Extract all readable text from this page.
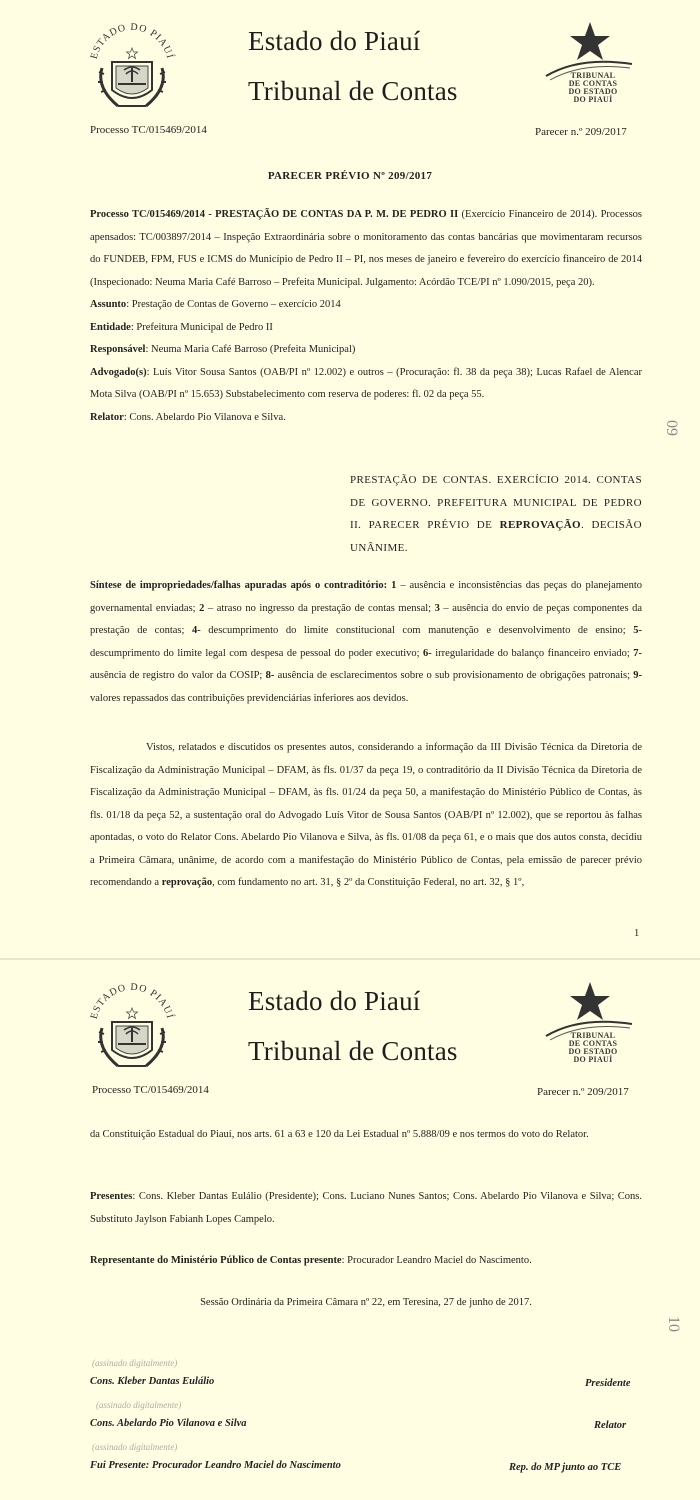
ESTADO DO PIAUÍ
Estado do Piauí
Tribunal de Contas
TRIBUNAL
DE CONTAS
DO ESTADO
DO PIAUÍ
Processo TC/015469/2014	Parecer n.º 209/2017
PARECER PRÉVIO Nº 209/2017
Processo TC/015469/2014 - PRESTAÇÃO DE CONTAS DA P. M. DE PEDRO II (Exercício Financeiro de 2014). Processos apensados: TC/003897/2014 – Inspeção Extraordinária sobre o monitoramento das contas bancárias que movimentaram recursos do FUNDEB, FPM, FUS e ICMS do Município de Pedro II – PI, nos meses de janeiro e fevereiro do exercício financeiro de 2014 (Inspecionado: Neuma Maria Café Barroso – Prefeita Municipal. Julgamento: Acórdão TCE/PI nº 1.090/2015, peça 20).
Assunto: Prestação de Contas de Governo – exercício 2014
Entidade: Prefeitura Municipal de Pedro II
Responsável: Neuma Maria Café Barroso (Prefeita Municipal)
Advogado(s): Luís Vitor Sousa Santos (OAB/PI nº 12.002) e outros – (Procuração: fl. 38 da peça 38); Lucas Rafael de Alencar Mota Silva (OAB/PI nº 15.653) Substabelecimento com reserva de poderes: fl. 02 da peça 55.
Relator: Cons. Abelardo Pio Vilanova e Silva.
PRESTAÇÃO DE CONTAS. EXERCÍCIO 2014. CONTAS DE GOVERNO. PREFEITURA MUNICIPAL DE PEDRO II. PARECER PRÉVIO DE REPROVAÇÃO. DECISÃO UNÂNIME.
Síntese de impropriedades/falhas apuradas após o contraditório: 1 – ausência e inconsistências das peças do planejamento governamental enviadas; 2 – atraso no ingresso da prestação de contas mensal; 3 – ausência do envio de peças componentes da prestação de contas; 4- descumprimento do limite constitucional com manutenção e desenvolvimento de ensino; 5- descumprimento do limite legal com despesa de pessoal do poder executivo; 6- irregularidade do balanço financeiro enviado; 7- ausência de registro do valor da COSIP; 8- ausência de esclarecimentos sobre o sub provisionamento de obrigações patronais; 9- valores repassados das contribuições previdenciárias inferiores aos devidos.
Vistos, relatados e discutidos os presentes autos, considerando a informação da III Divisão Técnica da Diretoria de Fiscalização da Administração Municipal – DFAM, às fls. 01/37 da peça 19, o contraditório da II Divisão Técnica da Diretoria de Fiscalização da Administração Municipal – DFAM, às fls. 01/24 da peça 50, a manifestação do Ministério Público de Contas, às fls. 01/18 da peça 52, a sustentação oral do Advogado Luís Vitor de Sousa Santos (OAB/PI nº 12.002), que se reportou às falhas apontadas, o voto do Relator Cons. Abelardo Pio Vilanova e Silva, às fls. 01/08 da peça 61, e o mais que dos autos consta, decidiu a Primeira Câmara, unânime, de acordo com a manifestação do Ministério Público de Contas, pela emissão de parecer prévio recomendando a reprovação, com fundamento no art. 31, § 2º da Constituição Federal, no art. 32, § 1º,
1
09
ESTADO DO PIAUÍ
Estado do Piauí
Tribunal de Contas
TRIBUNAL
DE CONTAS
DO ESTADO
DO PIAUÍ
Processo TC/015469/2014	Parecer n.º 209/2017
da Constituição Estadual do Piauí, nos arts. 61 a 63 e 120 da Lei Estadual nº 5.888/09 e nos termos do voto do Relator.
Presentes: Cons. Kleber Dantas Eulálio (Presidente); Cons. Luciano Nunes Santos; Cons. Abelardo Pio Vilanova e Silva; Cons. Substituto Jaylson Fabianh Lopes Campelo.
Representante do Ministério Público de Contas presente: Procurador Leandro Maciel do Nascimento.
Sessão Ordinária da Primeira Câmara nº 22, em Teresina, 27 de junho de 2017.
(assinado digitalmente)
Cons. Kleber Dantas Eulálio	Presidente
(assinado digitalmente)
Cons. Abelardo Pio Vilanova e Silva	Relator
(assinado digitalmente)
Fui Presente: Procurador Leandro Maciel do Nascimento	Rep. do MP junto ao TCE
10
